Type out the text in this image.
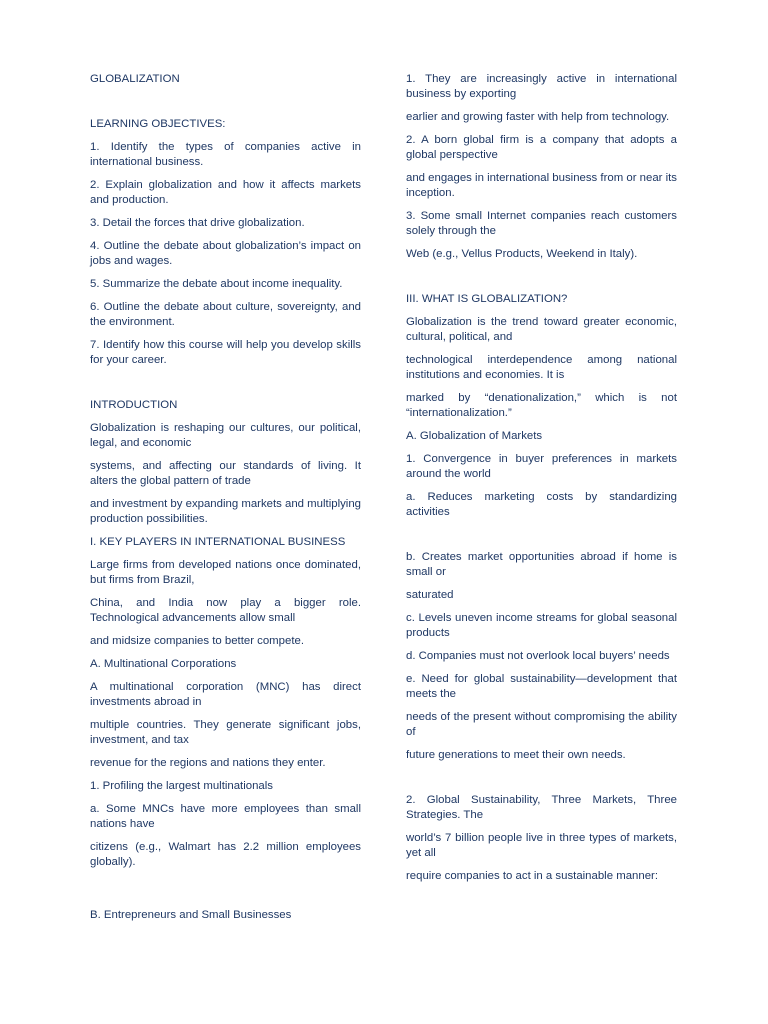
GLOBALIZATION
LEARNING OBJECTIVES:
1. Identify the types of companies active in international business.
2. Explain globalization and how it affects markets and production.
3. Detail the forces that drive globalization.
4. Outline the debate about globalization’s impact on jobs and wages.
5. Summarize the debate about income inequality.
6. Outline the debate about culture, sovereignty, and the environment.
7. Identify how this course will help you develop skills for your career.
INTRODUCTION
Globalization is reshaping our cultures, our political, legal, and economic
systems, and affecting our standards of living. It alters the global pattern of trade
and investment by expanding markets and multiplying production possibilities.
I. KEY PLAYERS IN INTERNATIONAL BUSINESS
Large firms from developed nations once dominated, but firms from Brazil,
China, and India now play a bigger role. Technological advancements allow small
and midsize companies to better compete.
A. Multinational Corporations
A multinational corporation (MNC) has direct investments abroad in
multiple countries. They generate significant jobs, investment, and tax
revenue for the regions and nations they enter.
1. Profiling the largest multinationals
a. Some MNCs have more employees than small nations have
citizens (e.g., Walmart has 2.2 million employees globally).
B. Entrepreneurs and Small Businesses
1. They are increasingly active in international business by exporting
earlier and growing faster with help from technology.
2. A born global firm is a company that adopts a global perspective
and engages in international business from or near its inception.
3. Some small Internet companies reach customers solely through the
Web (e.g., Vellus Products, Weekend in Italy).
III. WHAT IS GLOBALIZATION?
Globalization is the trend toward greater economic, cultural, political, and
technological interdependence among national institutions and economies. It is
marked by “denationalization,” which is not “internationalization.”
A. Globalization of Markets
1. Convergence in buyer preferences in markets around the world
a. Reduces marketing costs by standardizing activities
b. Creates market opportunities abroad if home is small or
saturated
c. Levels uneven income streams for global seasonal products
d. Companies must not overlook local buyers’ needs
e. Need for global sustainability—development that meets the
needs of the present without compromising the ability of
future generations to meet their own needs.
2. Global Sustainability, Three Markets, Three Strategies. The
world’s 7 billion people live in three types of markets, yet all
require companies to act in a sustainable manner:
